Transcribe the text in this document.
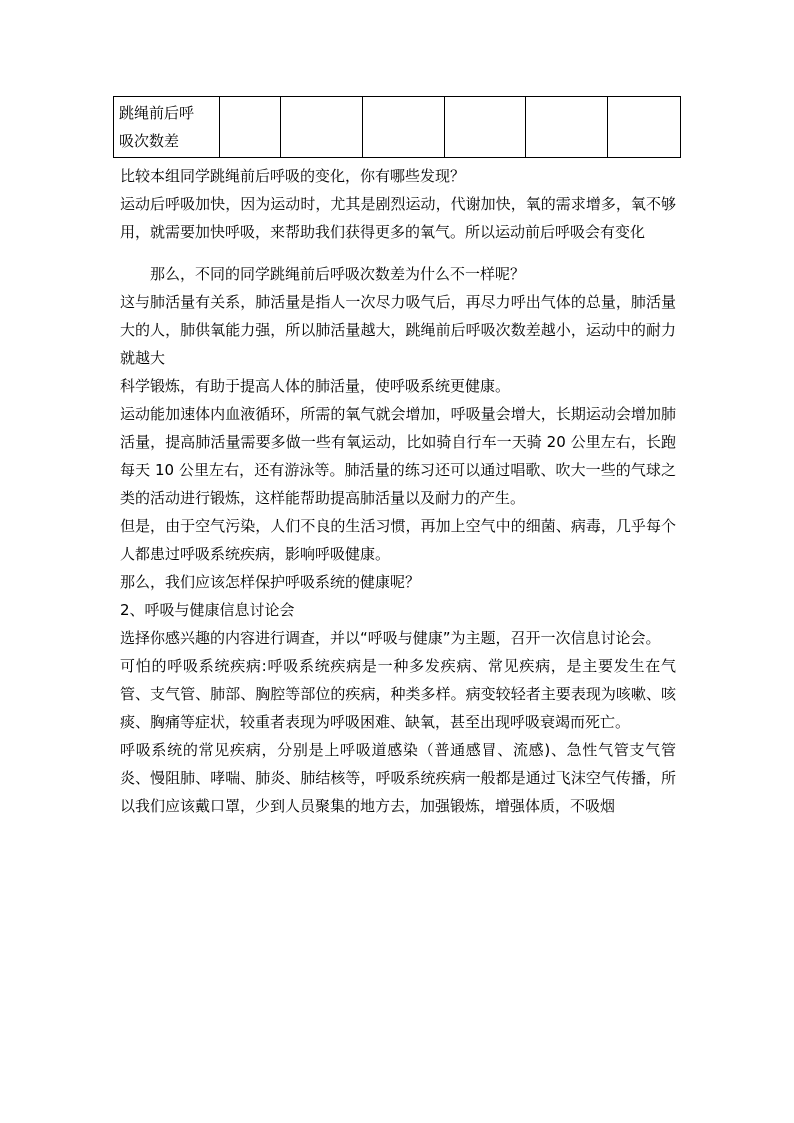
跳绳前后呼
吸次数差

比较本组同学跳绳前后呼吸的变化，你有哪些发现？

运动后呼吸加快，因为运动时，尤其是剧烈运动，代谢加快，氧的需求增多，氧不够用，就需要加快呼吸，来帮助我们获得更多的氧气。所以运动前后呼吸会有变化

那么，不同的同学跳绳前后呼吸次数差为什么不一样呢？

这与肺活量有关系，肺活量是指人一次尽力吸气后，再尽力呼出气体的总量，肺活量大的人，肺供氧能力强，所以肺活量越大，跳绳前后呼吸次数差越小，运动中的耐力就越大

科学锻炼，有助于提高人体的肺活量，使呼吸系统更健康。

运动能加速体内血液循环，所需的氧气就会增加，呼吸量会增大，长期运动会增加肺活量，提高肺活量需要多做一些有氧运动，比如骑自行车一天骑 20 公里左右，长跑每天 10 公里左右，还有游泳等。肺活量的练习还可以通过唱歌、吹大一些的气球之类的活动进行锻炼，这样能帮助提高肺活量以及耐力的产生。

但是，由于空气污染，人们不良的生活习惯，再加上空气中的细菌、病毒，几乎每个人都患过呼吸系统疾病，影响呼吸健康。

那么，我们应该怎样保护呼吸系统的健康呢？

2、呼吸与健康信息讨论会

选择你感兴趣的内容进行调查，并以“呼吸与健康”为主题，召开一次信息讨论会。

可怕的呼吸系统疾病:呼吸系统疾病是一种多发疾病、常见疾病，是主要发生在气管、支气管、肺部、胸腔等部位的疾病，种类多样。病变较轻者主要表现为咳嗽、咳痰、胸痛等症状，较重者表现为呼吸困难、缺氧，甚至出现呼吸衰竭而死亡。

呼吸系统的常见疾病，分别是上呼吸道感染（普通感冒、流感)、急性气管支气管炎、慢阻肺、哮喘、肺炎、肺结核等，呼吸系统疾病一般都是通过飞沫空气传播，所以我们应该戴口罩，少到人员聚集的地方去，加强锻炼，增强体质，不吸烟
